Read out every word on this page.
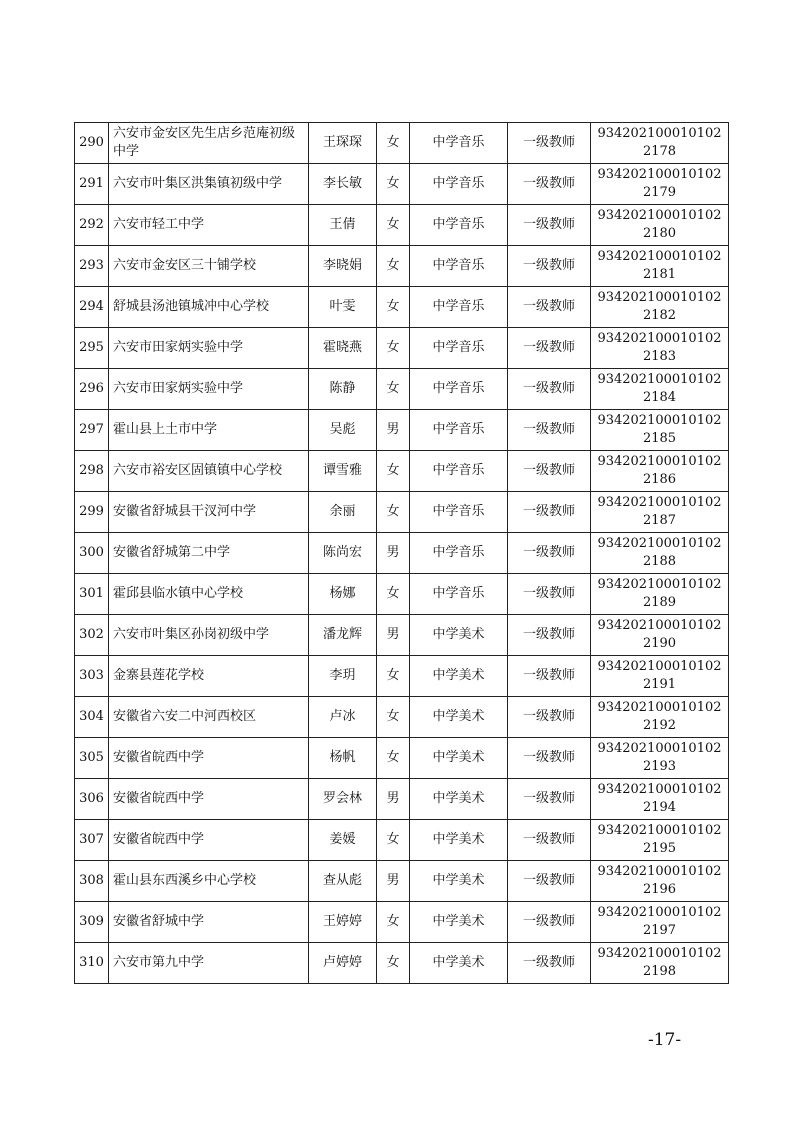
290	六安市金安区先生店乡范庵初级中学	王琛琛	女	中学音乐	一级教师	9342021000101022178
291	六安市叶集区洪集镇初级中学	李长敏	女	中学音乐	一级教师	9342021000101022179
292	六安市轻工中学	王倩	女	中学音乐	一级教师	9342021000101022180
293	六安市金安区三十铺学校	李晓娟	女	中学音乐	一级教师	9342021000101022181
294	舒城县汤池镇城冲中心学校	叶雯	女	中学音乐	一级教师	9342021000101022182
295	六安市田家炳实验中学	霍晓燕	女	中学音乐	一级教师	9342021000101022183
296	六安市田家炳实验中学	陈静	女	中学音乐	一级教师	9342021000101022184
297	霍山县上土市中学	吴彪	男	中学音乐	一级教师	9342021000101022185
298	六安市裕安区固镇镇中心学校	谭雪雅	女	中学音乐	一级教师	9342021000101022186
299	安徽省舒城县干汊河中学	余丽	女	中学音乐	一级教师	9342021000101022187
300	安徽省舒城第二中学	陈尚宏	男	中学音乐	一级教师	9342021000101022188
301	霍邱县临水镇中心学校	杨娜	女	中学音乐	一级教师	9342021000101022189
302	六安市叶集区孙岗初级中学	潘龙辉	男	中学美术	一级教师	9342021000101022190
303	金寨县莲花学校	李玥	女	中学美术	一级教师	9342021000101022191
304	安徽省六安二中河西校区	卢冰	女	中学美术	一级教师	9342021000101022192
305	安徽省皖西中学	杨帆	女	中学美术	一级教师	9342021000101022193
306	安徽省皖西中学	罗会林	男	中学美术	一级教师	9342021000101022194
307	安徽省皖西中学	姜媛	女	中学美术	一级教师	9342021000101022195
308	霍山县东西溪乡中心学校	查从彪	男	中学美术	一级教师	9342021000101022196
309	安徽省舒城中学	王婷婷	女	中学美术	一级教师	9342021000101022197
310	六安市第九中学	卢婷婷	女	中学美术	一级教师	9342021000101022198
-17-
